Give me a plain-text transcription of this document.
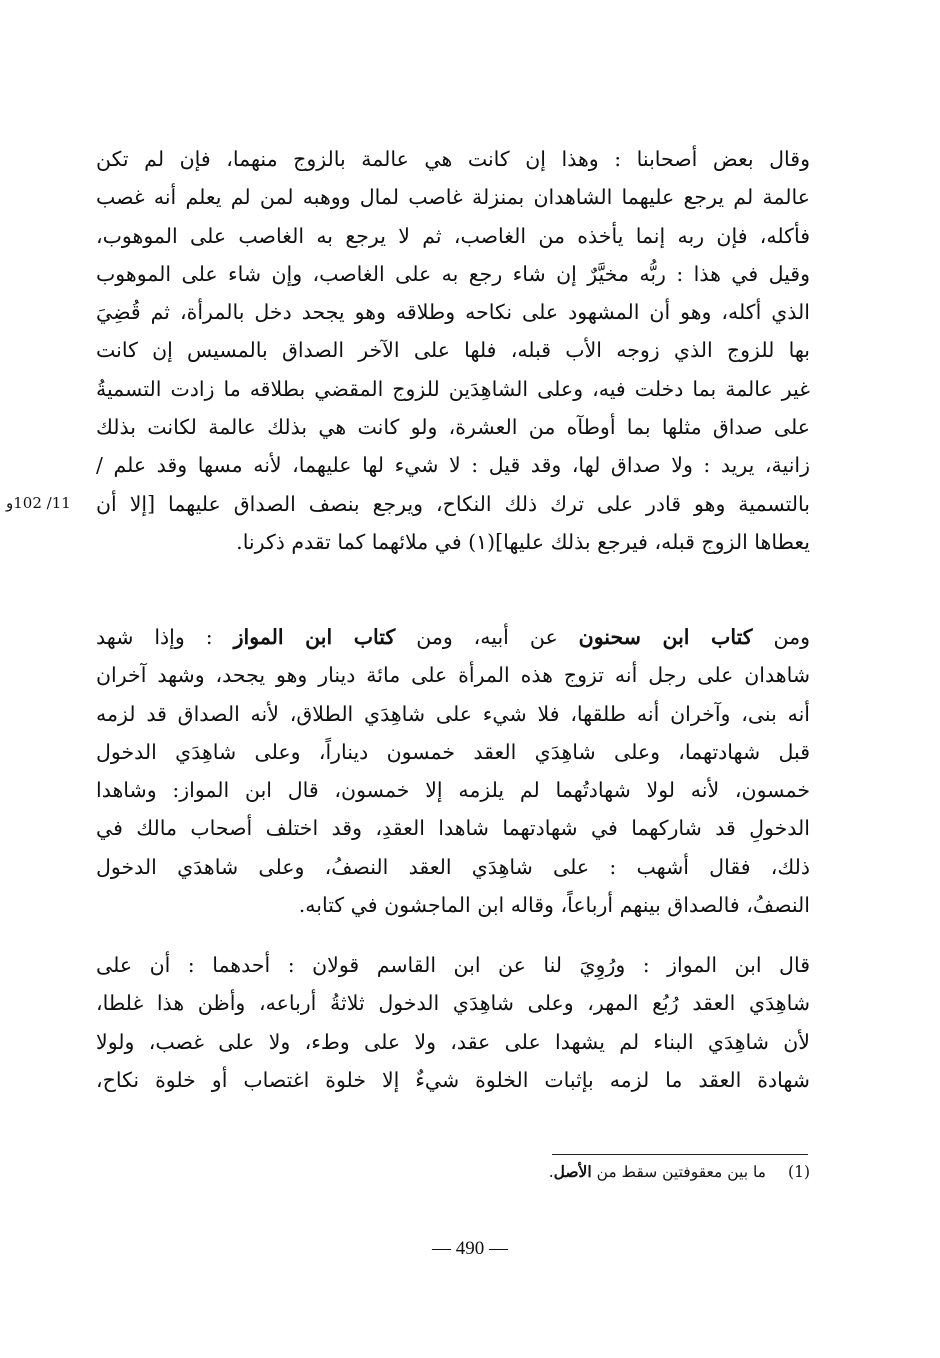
وقال بعض أصحابنا : وهذا إن كانت هي عالمة بالزوج منهما، فإن لم تكن
عالمة لم يرجع عليهما الشاهدان بمنزلة غاصب لمال ووهبه لمن لم يعلم أنه غصب
فأكله، فإن ربه إنما يأخذه من الغاصب، ثم لا يرجع به الغاصب على الموهوب،
وقيل في هذا : ربُّه مخيَّرٌ إن شاء رجع به على الغاصب، وإن شاء على الموهوب
الذي أكله، وهو أن المشهود على نكاحه وطلاقه وهو يجحد دخل بالمرأة، ثم قُضِيَ
بها للزوج الذي زوجه الأب قبله، فلها على الآخر الصداق بالمسيس إن كانت
غير عالمة بما دخلت فيه، وعلى الشاهِدَين للزوج المقضي بطلاقه ما زادت التسميةُ
على صداق مثلها بما أوطآه من العشرة، ولو كانت هي بذلك عالمة لكانت بذلك
زانية، يريد : ولا صداق لها، وقد قيل : لا شيء لها عليهما، لأنه مسها وقد علم /
بالتسمية وهو قادر على ترك ذلك النكاح، ويرجع بنصف الصداق عليهما [إلا أن
يعطاها الزوج قبله، فيرجع بذلك عليها](١) في ملائهما كما تقدم ذكرنا.
11/ 102و
ومن كتاب ابن سحنون عن أبيه، ومن كتاب ابن المواز : وإذا شهد
شاهدان على رجل أنه تزوج هذه المرأة على مائة دينار وهو يجحد، وشهد آخران
أنه بنى، وآخران أنه طلقها، فلا شيء على شاهِدَي الطلاق، لأنه الصداق قد لزمه
قبل شهادتهما، وعلى شاهِدَي العقد خمسون ديناراً، وعلى شاهِدَي الدخول
خمسون، لأنه لولا شهادتُهما لم يلزمه إلا خمسون، قال ابن المواز: وشاهدا
الدخولِ قد شاركهما في شهادتهما شاهدا العقدِ، وقد اختلف أصحاب مالك في
ذلك، فقال أشهب : على شاهِدَي العقد النصفُ، وعلى شاهدَي الدخول
النصفُ، فالصداق بينهم أرباعاً، وقاله ابن الماجشون في كتابه.
قال ابن المواز : ورُوِيَ لنا عن ابن القاسم قولان : أحدهما : أن على
شاهِدَي العقد رُبُع المهر، وعلى شاهِدَي الدخول ثلاثةُ أرباعه، وأظن هذا غلطا،
لأن شاهِدَي البناء لم يشهدا على عقد، ولا على وطء، ولا على غصب، ولولا
شهادة العقد ما لزمه بإثبات الخلوة شيءٌ إلا خلوة اغتصاب أو خلوة نكاح،
(1)ما بين معقوفتين سقط من الأصل.
— 490 —
